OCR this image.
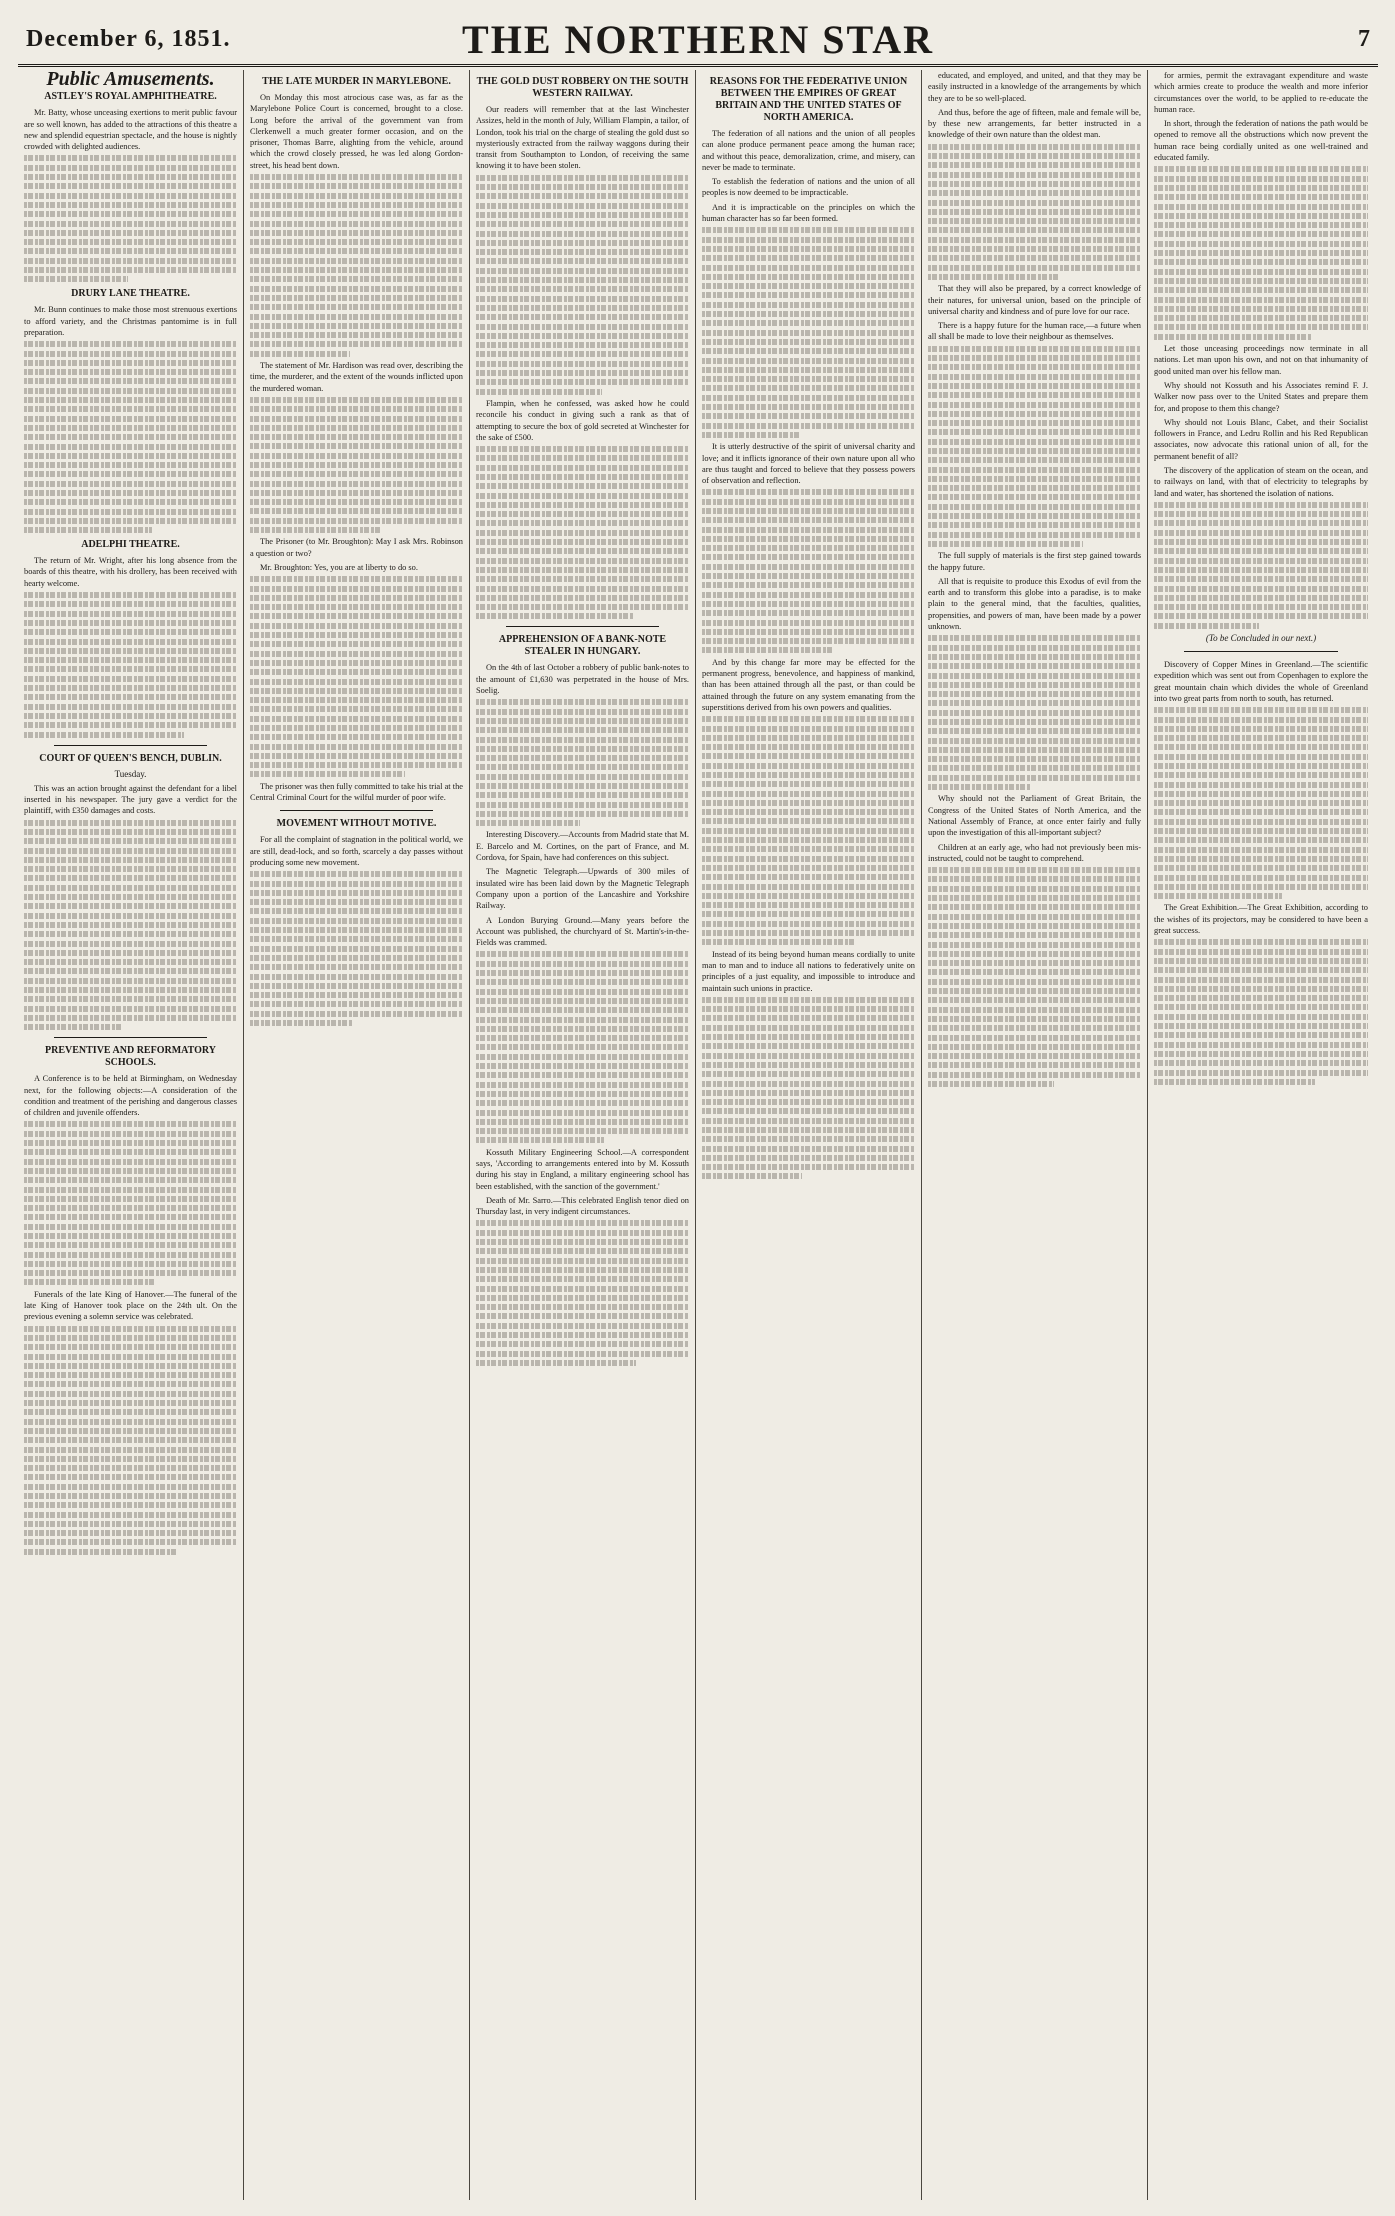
December 6, 1851.	THE NORTHERN STAR	7
Public Amusements.
ASTLEY'S ROYAL AMPHITHEATRE.

Mr. Batty, whose unceasing exertions to merit public favour are so well known, has added to the attractions of this theatre a new and splendid equestrian spectacle, and the house is nightly crowded with delighted audiences.

DRURY LANE THEATRE.

Mr. Bunn continues to make those most strenuous exertions to afford variety, and the Christmas pantomime is in full preparation.

ADELPHI THEATRE.

The return of Mr. Wright, after his long absence from the boards of this theatre, with his drollery, has been received with hearty welcome.

COURT OF QUEEN'S BENCH, DUBLIN.
Tuesday.

This was an action brought against the defendant for a libel inserted in his newspaper. The jury gave a verdict for the plaintiff, with £350 damages and costs.

PREVENTIVE AND REFORMATORY SCHOOLS.

A Conference is to be held at Birmingham, on Wednesday next, for the following objects:—A consideration of the condition and treatment of the perishing and dangerous classes of children and juvenile offenders.

Funerals of the late King of Hanover.—The funeral of the late King of Hanover took place on the 24th ult. On the previous evening a solemn service was celebrated.

THE LATE MURDER IN MARYLEBONE.

On Monday this most atrocious case was, as far as the Marylebone Police Court is concerned, brought to a close. Long before the arrival of the government van from Clerkenwell a much greater former occasion, and on the prisoner, Thomas Barre, alighting from the vehicle, around which the crowd closely pressed, he was led along Gordon-street, his head bent down.

The statement of Mr. Hardison was read over, describing the time, the murderer, and the extent of the wounds inflicted upon the murdered woman.

The Prisoner (to Mr. Broughton): May I ask Mrs. Robinson a question or two?

Mr. Broughton: Yes, you are at liberty to do so.

The prisoner was then fully committed to take his trial at the Central Criminal Court for the wilful murder of poor wife.

MOVEMENT WITHOUT MOTIVE.

For all the complaint of stagnation in the political world, we are still, dead-lock, and so forth, scarcely a day passes without producing some new movement.

THE GOLD DUST ROBBERY ON THE SOUTH WESTERN RAILWAY.

Our readers will remember that at the last Winchester Assizes, held in the month of July, William Flampin, a tailor, of London, took his trial on the charge of stealing the gold dust so mysteriously extracted from the railway waggons during their transit from Southampton to London, of receiving the same knowing it to have been stolen.

Flampin, when he confessed, was asked how he could reconcile his conduct in giving such a rank as that of attempting to secure the box of gold secreted at Winchester for the sake of £500.

APPREHENSION OF A BANK-NOTE STEALER IN HUNGARY.

On the 4th of last October a robbery of public bank-notes to the amount of £1,630 was perpetrated in the house of Mrs. Soelig.

Interesting Discovery.—Accounts from Madrid state that M. E. Barcelo and M. Cortines, on the part of France, and M. Cordova, for Spain, have had conferences on this subject.

The Magnetic Telegraph.—Upwards of 300 miles of insulated wire has been laid down by the Magnetic Telegraph Company upon a portion of the Lancashire and Yorkshire Railway.

A London Burying Ground.—Many years before the Account was published, the churchyard of St. Martin's-in-the-Fields was crammed.

Kossuth Military Engineering School.—A correspondent says, 'According to arrangements entered into by M. Kossuth during his stay in England, a military engineering school has been established, with the sanction of the government.'

Death of Mr. Sarro.—This celebrated English tenor died on Thursday last, in very indigent circumstances.

REASONS FOR THE FEDERATIVE UNION BETWEEN THE EMPIRES OF GREAT BRITAIN AND THE UNITED STATES OF NORTH AMERICA.

The federation of all nations and the union of all peoples can alone produce permanent peace among the human race; and without this peace, demoralization, crime, and misery, can never be made to terminate.

To establish the federation of nations and the union of all peoples is now deemed to be impracticable.

And it is impracticable on the principles on which the human character has so far been formed.

It is utterly destructive of the spirit of universal charity and love; and it inflicts ignorance of their own nature upon all who are thus taught and forced to believe that they possess powers of observation and reflection.

And by this change far more may be effected for the permanent progress, benevolence, and happiness of mankind, than has been attained through all the past, or than could be attained through the future on any system emanating from the superstitions derived from his own powers and qualities.

Instead of its being beyond human means cordially to unite man to man and to induce all nations to federatively unite on principles of a just equality, and impossible to introduce and maintain such unions in practice.

educated, and employed, and united, and that they may be easily instructed in a knowledge of the arrangements by which they are to be so well-placed.

And thus, before the age of fifteen, male and female will be, by these new arrangements, far better instructed in a knowledge of their own nature than the oldest man.

That they will also be prepared, by a correct knowledge of their natures, for universal union, based on the principle of universal charity and kindness and of pure love for our race.

There is a happy future for the human race,—a future when all shall be made to love their neighbour as themselves.

The full supply of materials is the first step gained towards the happy future.

All that is requisite to produce this Exodus of evil from the earth and to transform this globe into a paradise, is to make plain to the general mind, that the faculties, qualities, propensities, and powers of man, have been made by a power unknown.

Why should not the Parliament of Great Britain, the Congress of the United States of North America, and the National Assembly of France, at once enter fairly and fully upon the investigation of this all-important subject?

Children at an early age, who had not previously been mis-instructed, could not be taught to comprehend.

for armies, permit the extravagant expenditure and waste which armies create to produce the wealth and more inferior circumstances over the world, to be applied to re-educate the human race.

In short, through the federation of nations the path would be opened to remove all the obstructions which now prevent the human race being cordially united as one well-trained and educated family.

Let those unceasing proceedings now terminate in all nations. Let man upon his own, and not on that inhumanity of good united man over his fellow man.

Why should not Kossuth and his Associates remind F. J. Walker now pass over to the United States and prepare them for, and propose to them this change?

Why should not Louis Blanc, Cabet, and their Socialist followers in France, and Ledru Rollin and his Red Republican associates, now advocate this rational union of all, for the permanent benefit of all?

The discovery of the application of steam on the ocean, and to railways on land, with that of electricity to telegraphs by land and water, has shortened the isolation of nations.

(To be Concluded in our next.)

Discovery of Copper Mines in Greenland.—The scientific expedition which was sent out from Copenhagen to explore the great mountain chain which divides the whole of Greenland into two great parts from north to south, has returned.

The Great Exhibition.—The Great Exhibition, according to the wishes of its projectors, may be considered to have been a great success.
